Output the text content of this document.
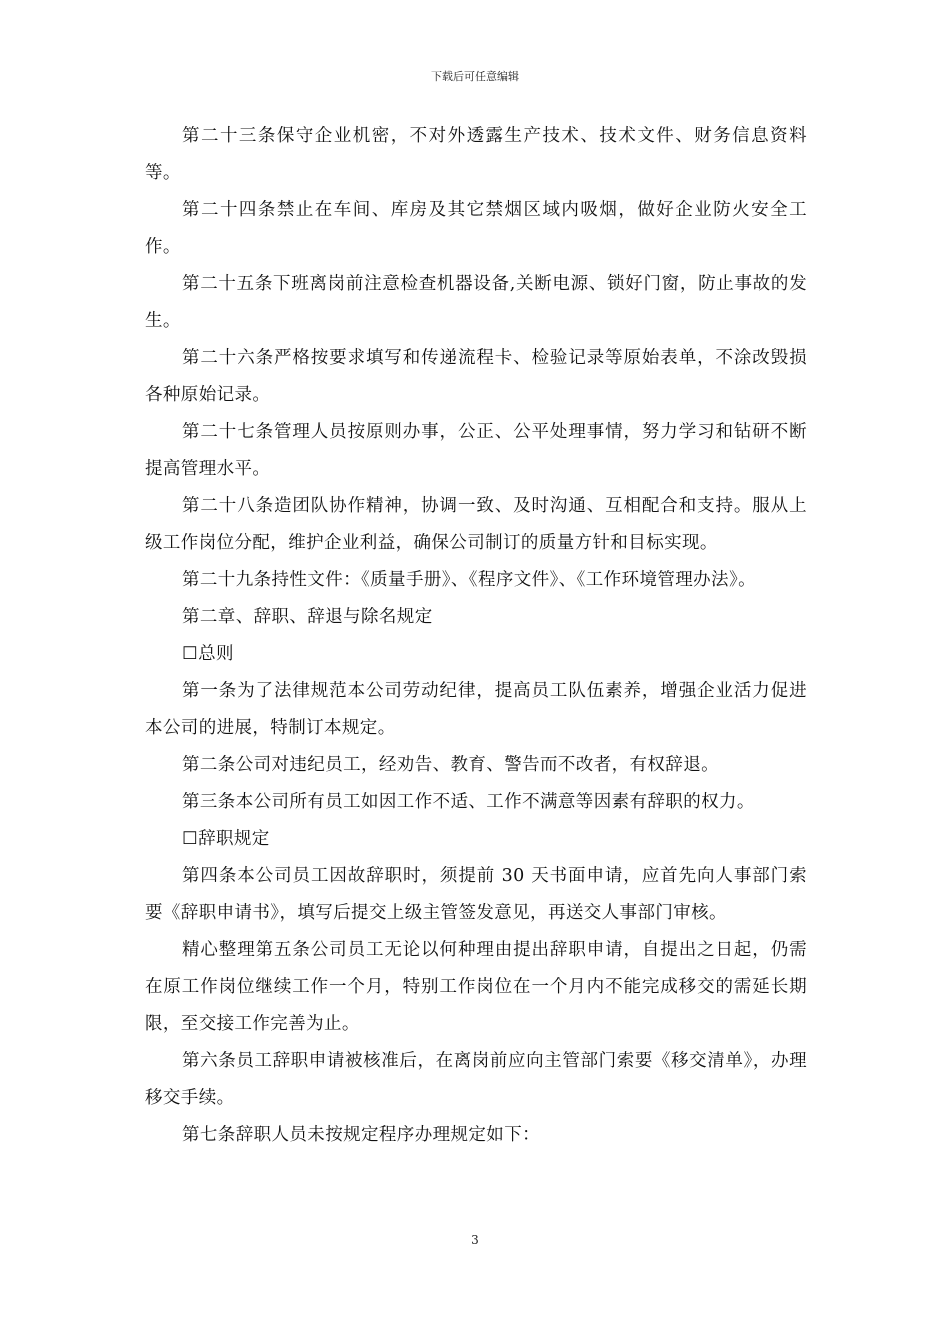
下载后可任意编辑

第二十三条保守企业机密，不对外透露生产技术、技术文件、财务信息资料等。

第二十四条禁止在车间、库房及其它禁烟区域内吸烟，做好企业防火安全工作。

第二十五条下班离岗前注意检查机器设备,关断电源、锁好门窗，防止事故的发生。

第二十六条严格按要求填写和传递流程卡、检验记录等原始表单，不涂改毁损各种原始记录。

第二十七条管理人员按原则办事，公正、公平处理事情，努力学习和钻研不断提高管理水平。

第二十八条造团队协作精神，协调一致、及时沟通、互相配合和支持。服从上级工作岗位分配，维护企业利益，确保公司制订的质量方针和目标实现。

第二十九条持性文件：《质量手册》、《程序文件》、《工作环境管理办法》。

第二章、辞职、辞退与除名规定

☐总则

第一条为了法律规范本公司劳动纪律，提高员工队伍素养，增强企业活力促进本公司的进展，特制订本规定。

第二条公司对违纪员工，经劝告、教育、警告而不改者，有权辞退。

第三条本公司所有员工如因工作不适、工作不满意等因素有辞职的权力。

☐辞职规定

第四条本公司员工因故辞职时，须提前 30 天书面申请，应首先向人事部门索要《辞职申请书》，填写后提交上级主管签发意见，再送交人事部门审核。

精心整理第五条公司员工无论以何种理由提出辞职申请，自提出之日起，仍需在原工作岗位继续工作一个月，特别工作岗位在一个月内不能完成移交的需延长期限，至交接工作完善为止。

第六条员工辞职申请被核准后，在离岗前应向主管部门索要《移交清单》，办理移交手续。

第七条辞职人员未按规定程序办理规定如下：

3
